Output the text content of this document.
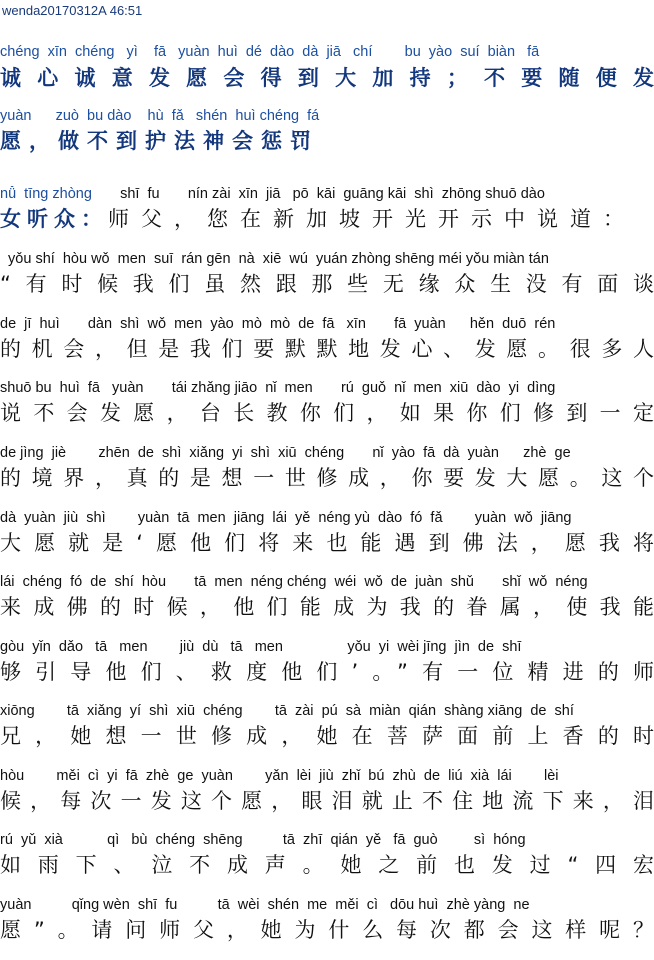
wenda20170312A 46:51
chéng  xīn  chéng   yì    fā   yuàn  huì  dé  dào  dà  jiā   chí        bu  yào  suí  biàn   fā
诚心诚意发愿会得到大加持；不要随便发
yuàn      zuò  bu dào    hù  fǎ   shén  huì chéng  fá
愿，做不到护法神会惩罚
nǚ  tīng zhòng       shī  fu       nín zài  xīn  jiā   pō  kāi  guāng kāi  shì  zhōng shuō dào
女听众：师父，您在新加坡开光开示中说道：
yǒu shí  hòu wǒ  men  suī  rán gēn  nà  xiē  wú  yuán zhòng shēng méi yǒu miàn tán
“有时候我们虽然跟那些无缘众生没有面谈
de  jī  huì       dàn  shì  wǒ  men  yào  mò  mò  de  fā   xīn       fā  yuàn      hěn  duō  rén
的机会，但是我们要默默地发心、发愿。很多人
shuō bu  huì  fā   yuàn       tái zhǎng jiāo  nǐ  men       rú  guǒ  nǐ  men  xiū  dào  yi  dìng
说不会发愿，台长教你们，如果你们修到一定
de jìng  jiè        zhēn  de  shì  xiǎng  yi  shì  xiū  chéng       nǐ  yào  fā  dà  yuàn      zhè  ge
的境界，真的是想一世修成，你要发大愿。这个
dà  yuàn  jiù  shì        yuàn  tā  men  jiāng  lái  yě  néng yù  dào  fó  fǎ        yuàn  wǒ  jiāng
大愿就是‘愿他们将来也能遇到佛法，愿我将
lái  chéng  fó  de  shí  hòu       tā  men  néng chéng  wéi  wǒ  de  juàn  shǔ       shǐ  wǒ  néng
来成佛的时候，他们能成为我的眷属，使我能
gòu  yǐn  dǎo   tā   men        jiù  dù   tā   men                yǒu  yi  wèi jīng  jìn  de  shī
够引导他们、救度他们’。”有一位精进的师
xiōng        tā  xiǎng  yí  shì  xiū  chéng        tā  zài  pú  sà  miàn  qián  shàng xiāng  de  shí
兄，她想一世修成，她在菩萨面前上香的时
hòu        měi  cì  yi  fā  zhè  ge  yuàn        yǎn  lèi  jiù  zhǐ  bú  zhù  de  liú  xià  lái        lèi
候，每次一发这个愿，眼泪就止不住地流下来，泪
rú  yǔ  xià           qì   bù  chéng  shēng          tā  zhī  qián  yě   fā  guò         sì  hóng
如雨下、泣不成声。她之前也发过“四宏
yuàn          qǐng wèn  shī  fu          tā  wèi  shén  me  měi  cì   dōu huì  zhè yàng  ne
愿”。请问师父，她为什么每次都会这样呢？
